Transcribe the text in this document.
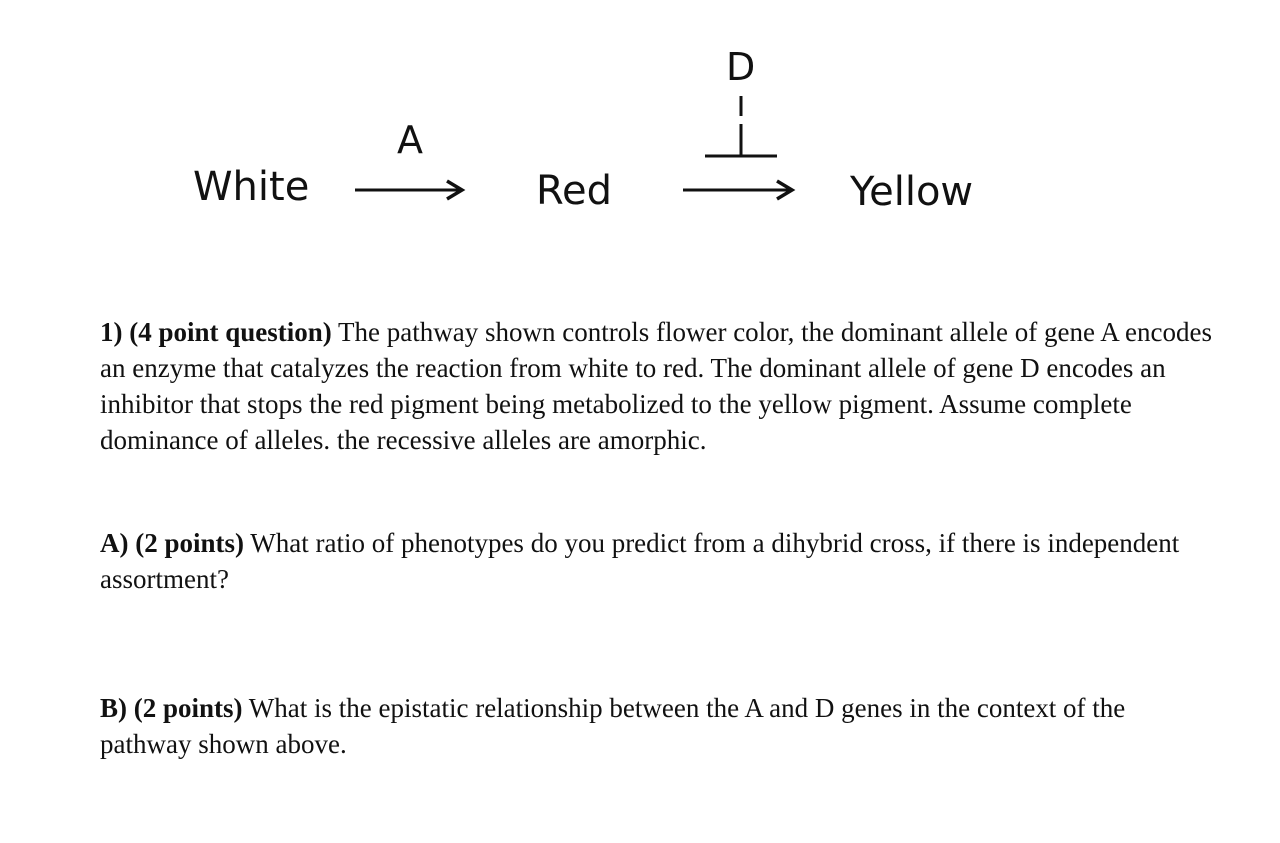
White
A
Red
D
Yellow
1) (4 point question) The pathway shown controls flower color, the dominant allele of gene A encodes an enzyme that catalyzes the reaction from white to red. The dominant allele of gene D encodes an inhibitor that stops the red pigment being metabolized to the yellow pigment. Assume complete dominance of alleles. the recessive alleles are amorphic.
A) (2 points) What ratio of phenotypes do you predict from a dihybrid cross, if there is independent assortment?
B) (2 points) What is the epistatic relationship between the A and D genes in the context of the pathway shown above.
